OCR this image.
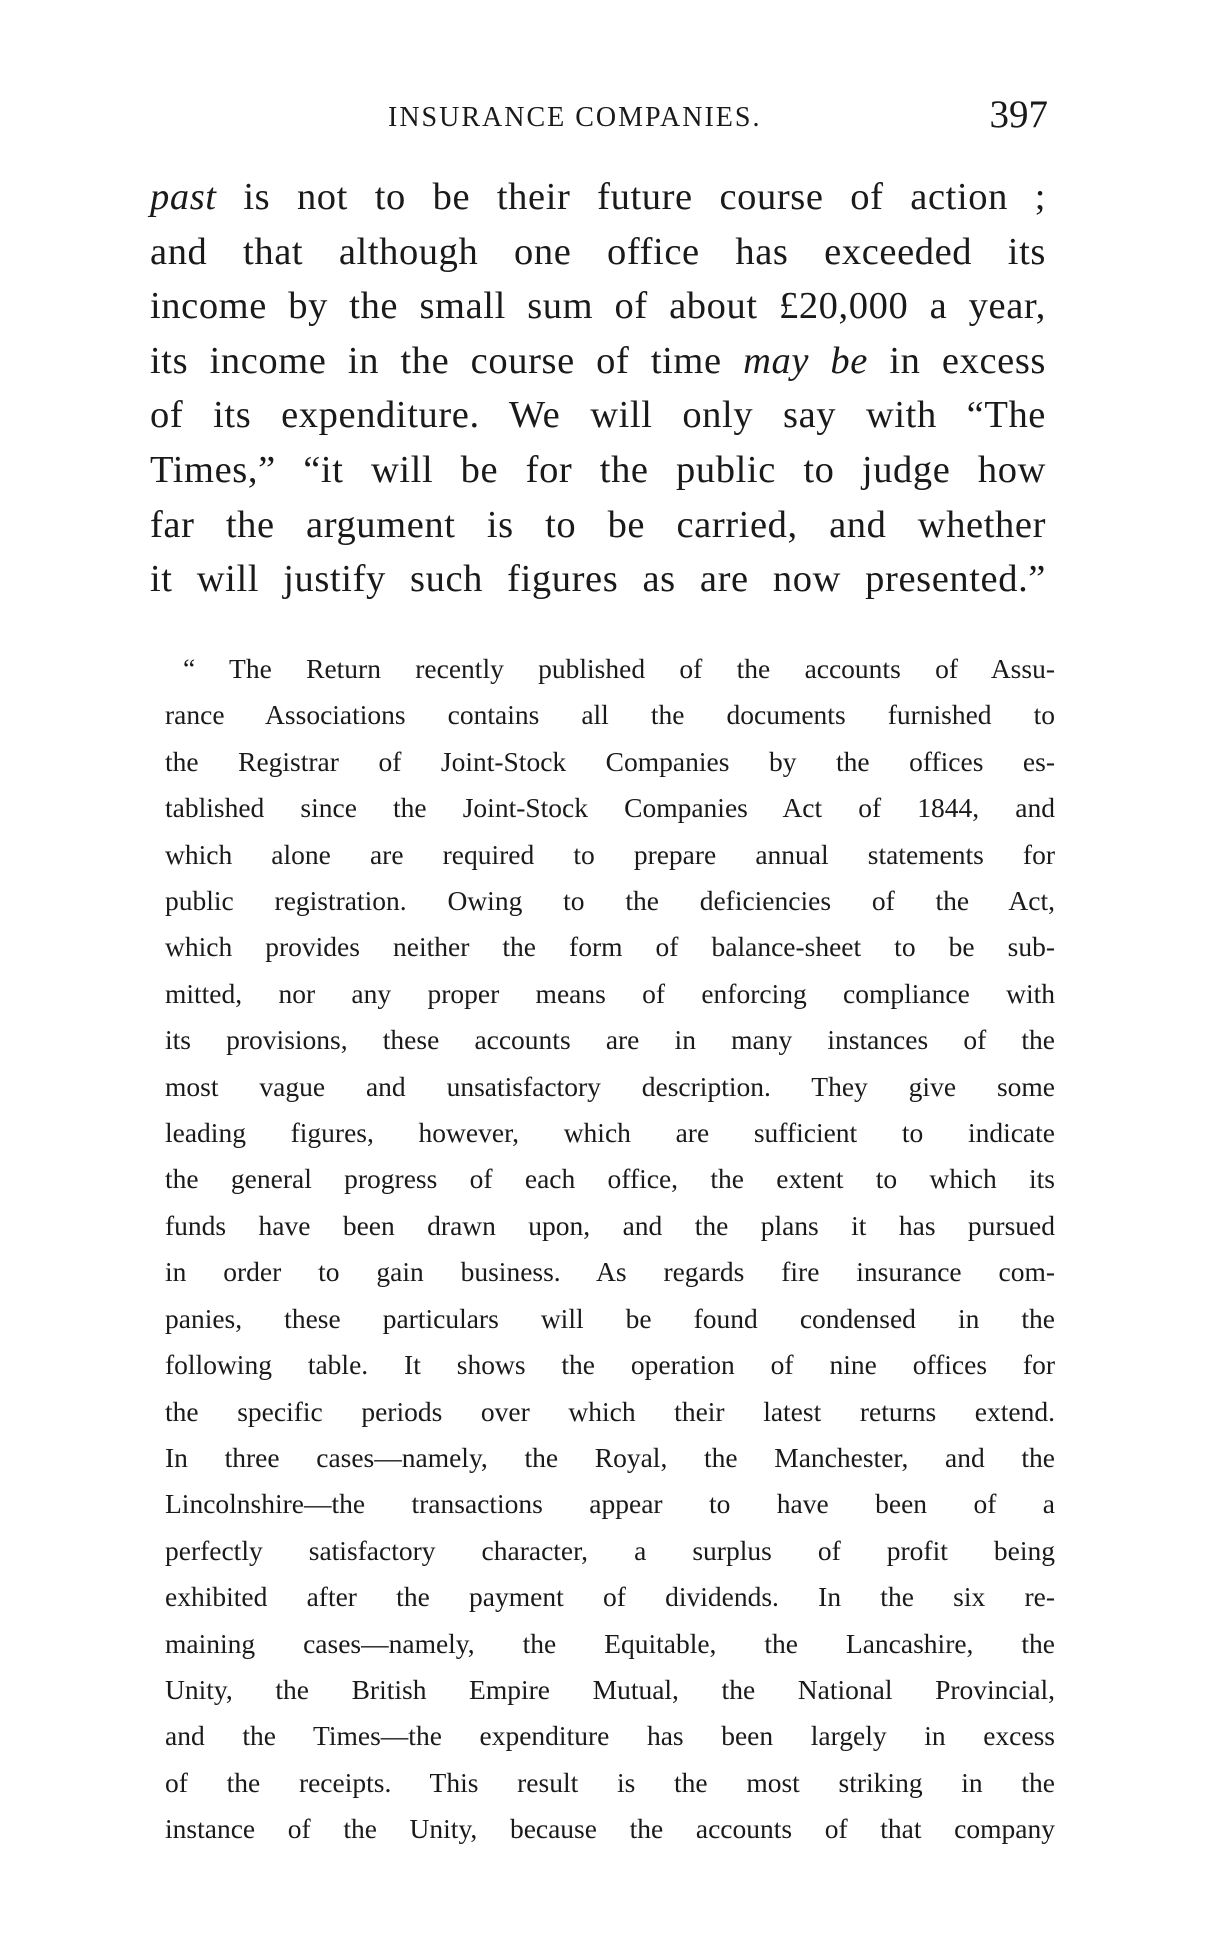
INSURANCE COMPANIES.	397
past is not to be their future course of action ;
and that although one office has exceeded its
income by the small sum of about £20,000 a year,
its income in the course of time may be in excess
of its expenditure. We will only say with “The
Times,” “it will be for the public to judge how
far the argument is to be carried, and whether
it will justify such figures as are now presented.”
“ The Return recently published of the accounts of Assu-
rance Associations contains all the documents furnished to
the Registrar of Joint-Stock Companies by the offices es-
tablished since the Joint-Stock Companies Act of 1844, and
which alone are required to prepare annual statements for
public registration. Owing to the deficiencies of the Act,
which provides neither the form of balance-sheet to be sub-
mitted, nor any proper means of enforcing compliance with
its provisions, these accounts are in many instances of the
most vague and unsatisfactory description. They give some
leading figures, however, which are sufficient to indicate
the general progress of each office, the extent to which its
funds have been drawn upon, and the plans it has pursued
in order to gain business. As regards fire insurance com-
panies, these particulars will be found condensed in the
following table. It shows the operation of nine offices for
the specific periods over which their latest returns extend.
In three cases—namely, the Royal, the Manchester, and the
Lincolnshire—the transactions appear to have been of a
perfectly satisfactory character, a surplus of profit being
exhibited after the payment of dividends. In the six re-
maining cases—namely, the Equitable, the Lancashire, the
Unity, the British Empire Mutual, the National Provincial,
and the Times—the expenditure has been largely in excess
of the receipts. This result is the most striking in the
instance of the Unity, because the accounts of that company
